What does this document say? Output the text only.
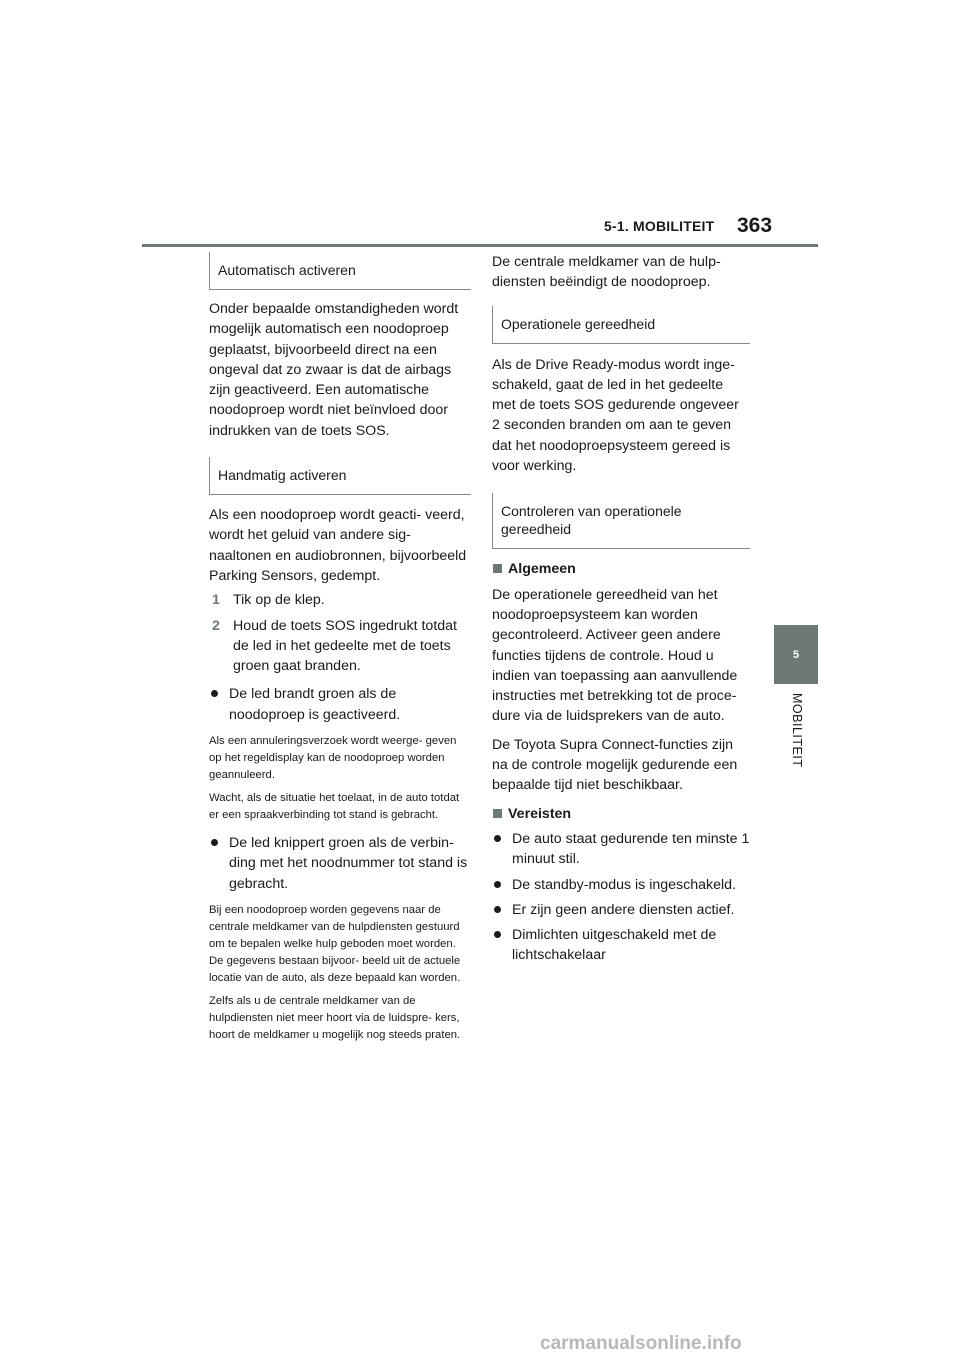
5-1. MOBILITEIT 363
5
MOBILITEIT
Automatisch activeren

Onder bepaalde omstandigheden wordt mogelijk automatisch een noodoproep geplaatst, bijvoorbeeld direct na een ongeval dat zo zwaar is dat de airbags zijn geactiveerd. Een automatische noodoproep wordt niet beïnvloed door indrukken van de toets SOS.

Handmatig activeren

Als een noodoproep wordt geacti- veerd, wordt het geluid van andere sig- naaltonen en audiobronnen, bijvoorbeeld Parking Sensors, gedempt.

1 Tik op de klep.
2 Houd de toets SOS ingedrukt totdat de led in het gedeelte met de toets groen gaat branden.
De led brandt groen als de noodoproep is geactiveerd.

Als een annuleringsverzoek wordt weerge- geven op het regeldisplay kan de noodoproep worden geannuleerd.

Wacht, als de situatie het toelaat, in de auto totdat er een spraakverbinding tot stand is gebracht.

De led knippert groen als de verbin- ding met het noodnummer tot stand is gebracht.

Bij een noodoproep worden gegevens naar de centrale meldkamer van de hulpdiensten gestuurd om te bepalen welke hulp geboden moet worden. De gegevens bestaan bijvoor- beeld uit de actuele locatie van de auto, als deze bepaald kan worden.

Zelfs als u de centrale meldkamer van de hulpdiensten niet meer hoort via de luidspre- kers, hoort de meldkamer u mogelijk nog steeds praten.

De centrale meldkamer van de hulp- diensten beëindigt de noodoproep.

Operationele gereedheid

Als de Drive Ready-modus wordt inge- schakeld, gaat de led in het gedeelte met de toets SOS gedurende ongeveer 2 seconden branden om aan te geven dat het noodoproepsysteem gereed is voor werking.

Controleren van operationele gereedheid
Algemeen

De operationele gereedheid van het noodoproepsysteem kan worden gecontroleerd. Activeer geen andere functies tijdens de controle. Houd u indien van toepassing aan aanvullende instructies met betrekking tot de proce- dure via de luidsprekers van de auto.

De Toyota Supra Connect-functies zijn na de controle mogelijk gedurende een bepaalde tijd niet beschikbaar.

Vereisten
De auto staat gedurende ten minste 1 minuut stil.
De standby-modus is ingeschakeld.
Er zijn geen andere diensten actief.
Dimlichten uitgeschakeld met de lichtschakelaar
carmanualsonline.info
